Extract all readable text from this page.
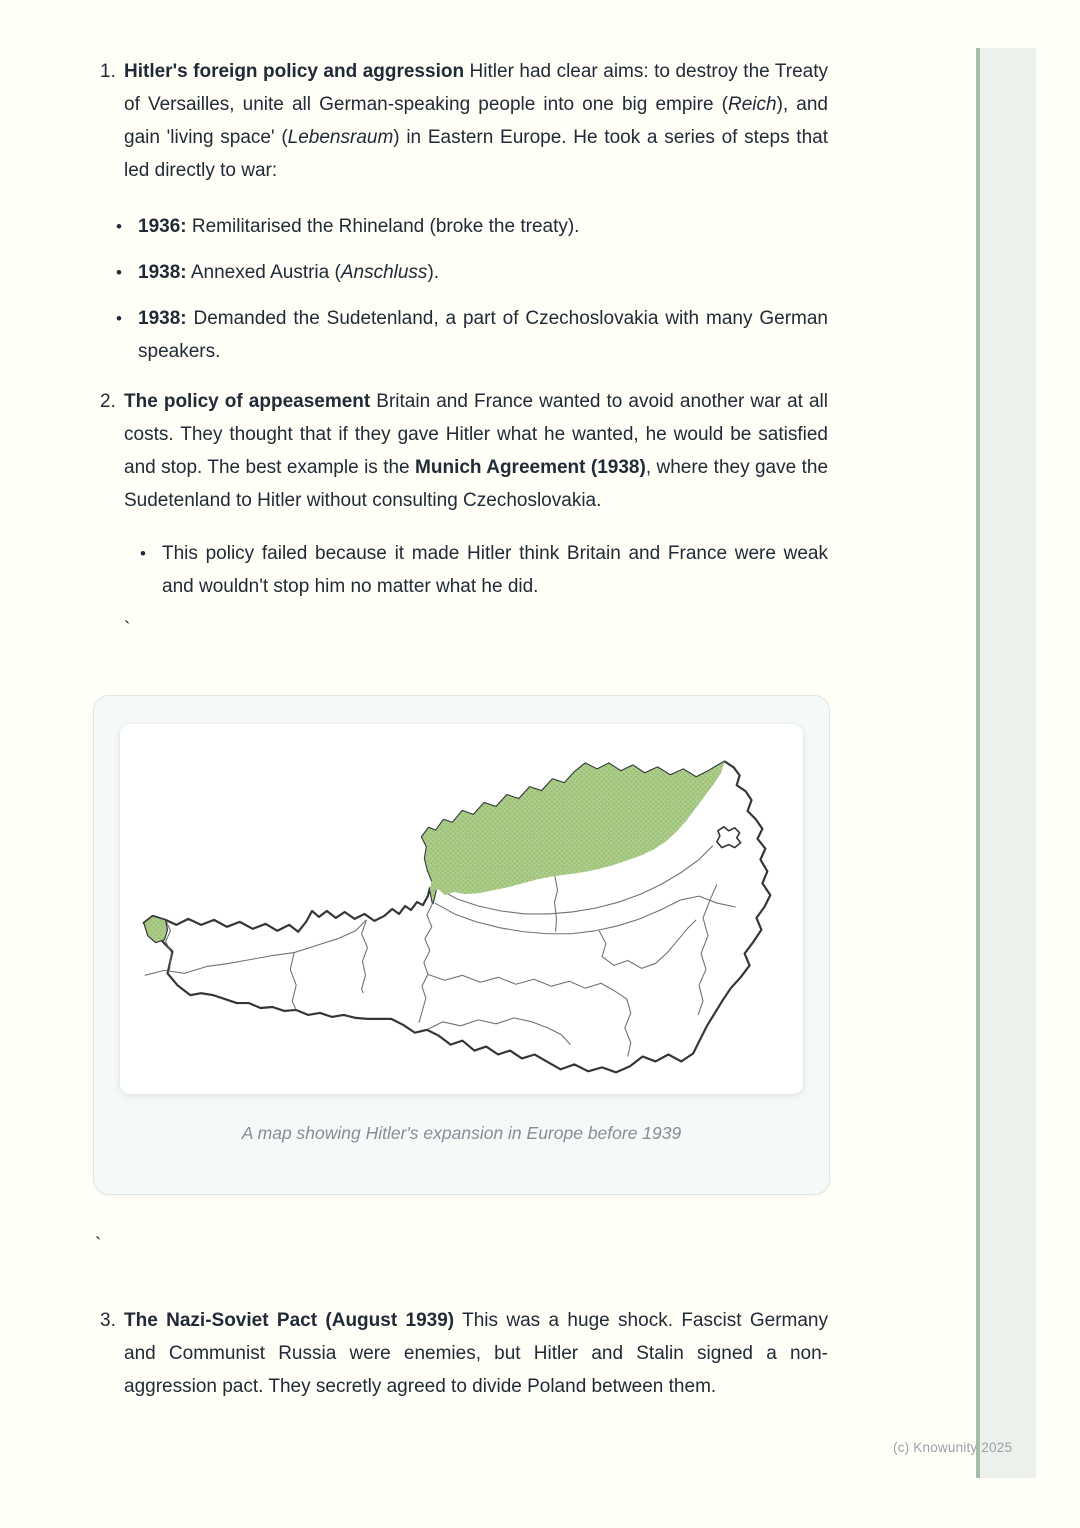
1. Hitler's foreign policy and aggression Hitler had clear aims: to destroy the Treaty of Versailles, unite all German-speaking people into one big empire (Reich), and gain 'living space' (Lebensraum) in Eastern Europe. He took a series of steps that led directly to war:
• 1936: Remilitarised the Rhineland (broke the treaty).
• 1938: Annexed Austria (Anschluss).
• 1938: Demanded the Sudetenland, a part of Czechoslovakia with many German speakers.
2. The policy of appeasement Britain and France wanted to avoid another war at all costs. They thought that if they gave Hitler what he wanted, he would be satisfied and stop. The best example is the Munich Agreement (1938), where they gave the Sudetenland to Hitler without consulting Czechoslovakia.
• This policy failed because it made Hitler think Britain and France were weak and wouldn't stop him no matter what he did.
`
A map showing Hitler's expansion in Europe before 1939
`
3. The Nazi-Soviet Pact (August 1939) This was a huge shock. Fascist Germany and Communist Russia were enemies, but Hitler and Stalin signed a non-aggression pact. They secretly agreed to divide Poland between them.
(c) Knowunity 2025
